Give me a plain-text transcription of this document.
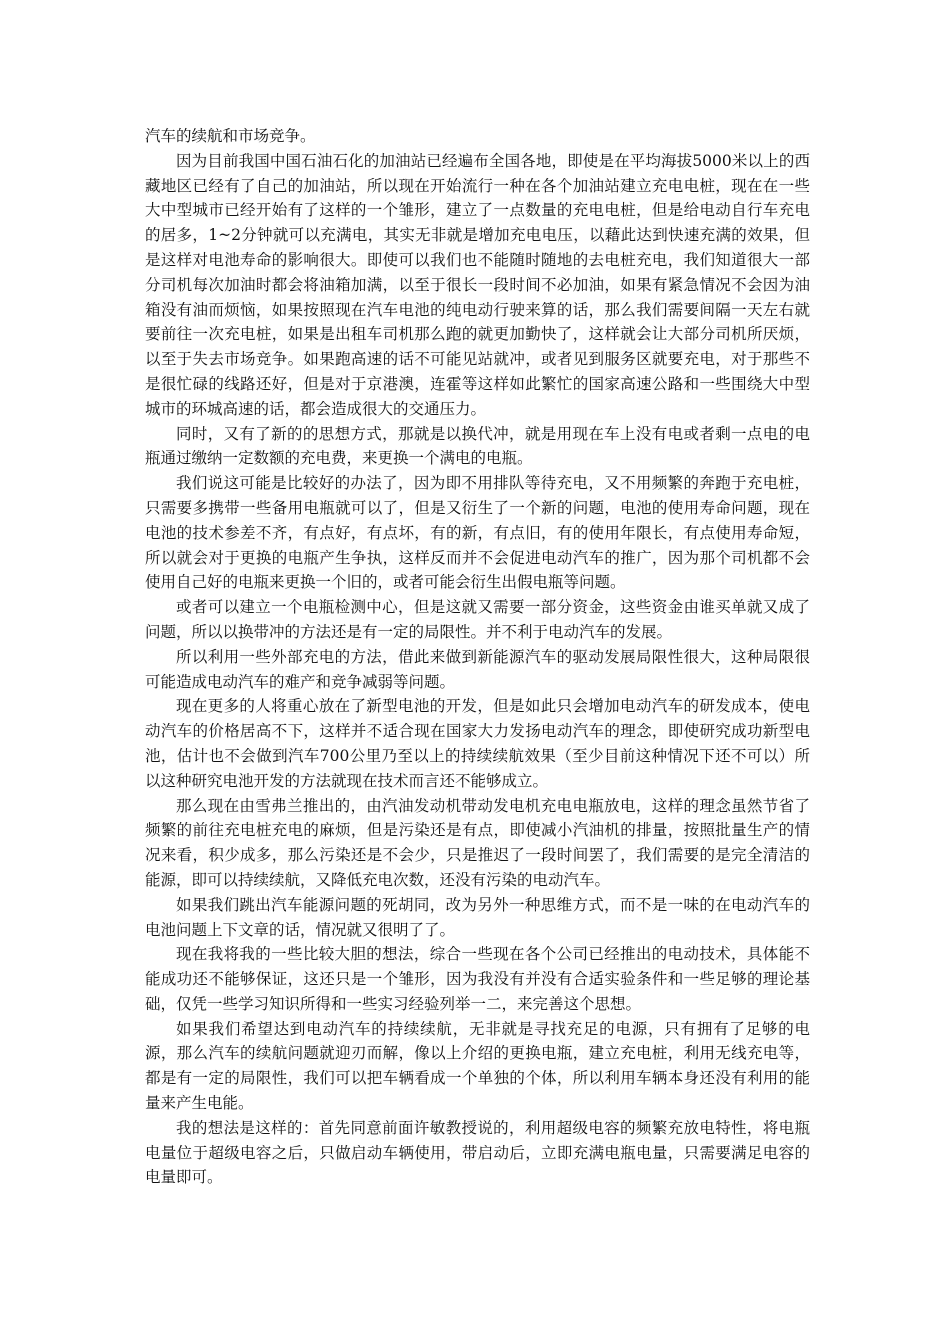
汽车的续航和市场竞争。

因为目前我国中国石油石化的加油站已经遍布全国各地，即使是在平均海拔5000米以上的西藏地区已经有了自己的加油站，所以现在开始流行一种在各个加油站建立充电电桩，现在在一些大中型城市已经开始有了这样的一个雏形，建立了一点数量的充电电桩，但是给电动自行车充电的居多，1~2分钟就可以充满电，其实无非就是增加充电电压，以藉此达到快速充满的效果，但是这样对电池寿命的影响很大。即使可以我们也不能随时随地的去电桩充电，我们知道很大一部分司机每次加油时都会将油箱加满，以至于很长一段时间不必加油，如果有紧急情况不会因为油箱没有油而烦恼，如果按照现在汽车电池的纯电动行驶来算的话，那么我们需要间隔一天左右就要前往一次充电桩，如果是出租车司机那么跑的就更加勤快了，这样就会让大部分司机所厌烦，以至于失去市场竞争。如果跑高速的话不可能见站就冲，或者见到服务区就要充电，对于那些不是很忙碌的线路还好，但是对于京港澳，连霍等这样如此繁忙的国家高速公路和一些围绕大中型城市的环城高速的话，都会造成很大的交通压力。

同时，又有了新的的思想方式，那就是以换代冲，就是用现在车上没有电或者剩一点电的电瓶通过缴纳一定数额的充电费，来更换一个满电的电瓶。

我们说这可能是比较好的办法了，因为即不用排队等待充电，又不用频繁的奔跑于充电桩，只需要多携带一些备用电瓶就可以了，但是又衍生了一个新的问题，电池的使用寿命问题，现在电池的技术参差不齐，有点好，有点坏，有的新，有点旧，有的使用年限长，有点使用寿命短，所以就会对于更换的电瓶产生争执，这样反而并不会促进电动汽车的推广，因为那个司机都不会使用自己好的电瓶来更换一个旧的，或者可能会衍生出假电瓶等问题。

或者可以建立一个电瓶检测中心，但是这就又需要一部分资金，这些资金由谁买单就又成了问题，所以以换带冲的方法还是有一定的局限性。并不利于电动汽车的发展。

所以利用一些外部充电的方法，借此来做到新能源汽车的驱动发展局限性很大，这种局限很可能造成电动汽车的难产和竞争减弱等问题。

现在更多的人将重心放在了新型电池的开发，但是如此只会增加电动汽车的研发成本，使电动汽车的价格居高不下，这样并不适合现在国家大力发扬电动汽车的理念，即使研究成功新型电池，估计也不会做到汽车700公里乃至以上的持续续航效果（至少目前这种情况下还不可以）所以这种研究电池开发的方法就现在技术而言还不能够成立。

那么现在由雪弗兰推出的，由汽油发动机带动发电机充电电瓶放电，这样的理念虽然节省了频繁的前往充电桩充电的麻烦，但是污染还是有点，即使减小汽油机的排量，按照批量生产的情况来看，积少成多，那么污染还是不会少，只是推迟了一段时间罢了，我们需要的是完全清洁的能源，即可以持续续航，又降低充电次数，还没有污染的电动汽车。

如果我们跳出汽车能源问题的死胡同，改为另外一种思维方式，而不是一味的在电动汽车的电池问题上下文章的话，情况就又很明了了。

现在我将我的一些比较大胆的想法，综合一些现在各个公司已经推出的电动技术，具体能不能成功还不能够保证，这还只是一个雏形，因为我没有并没有合适实验条件和一些足够的理论基础，仅凭一些学习知识所得和一些实习经验列举一二，来完善这个思想。

如果我们希望达到电动汽车的持续续航，无非就是寻找充足的电源，只有拥有了足够的电源，那么汽车的续航问题就迎刃而解，像以上介绍的更换电瓶，建立充电桩，利用无线充电等，都是有一定的局限性，我们可以把车辆看成一个单独的个体，所以利用车辆本身还没有利用的能量来产生电能。

我的想法是这样的：首先同意前面许敏教授说的，利用超级电容的频繁充放电特性，将电瓶电量位于超级电容之后，只做启动车辆使用，带启动后，立即充满电瓶电量，只需要满足电容的电量即可。
